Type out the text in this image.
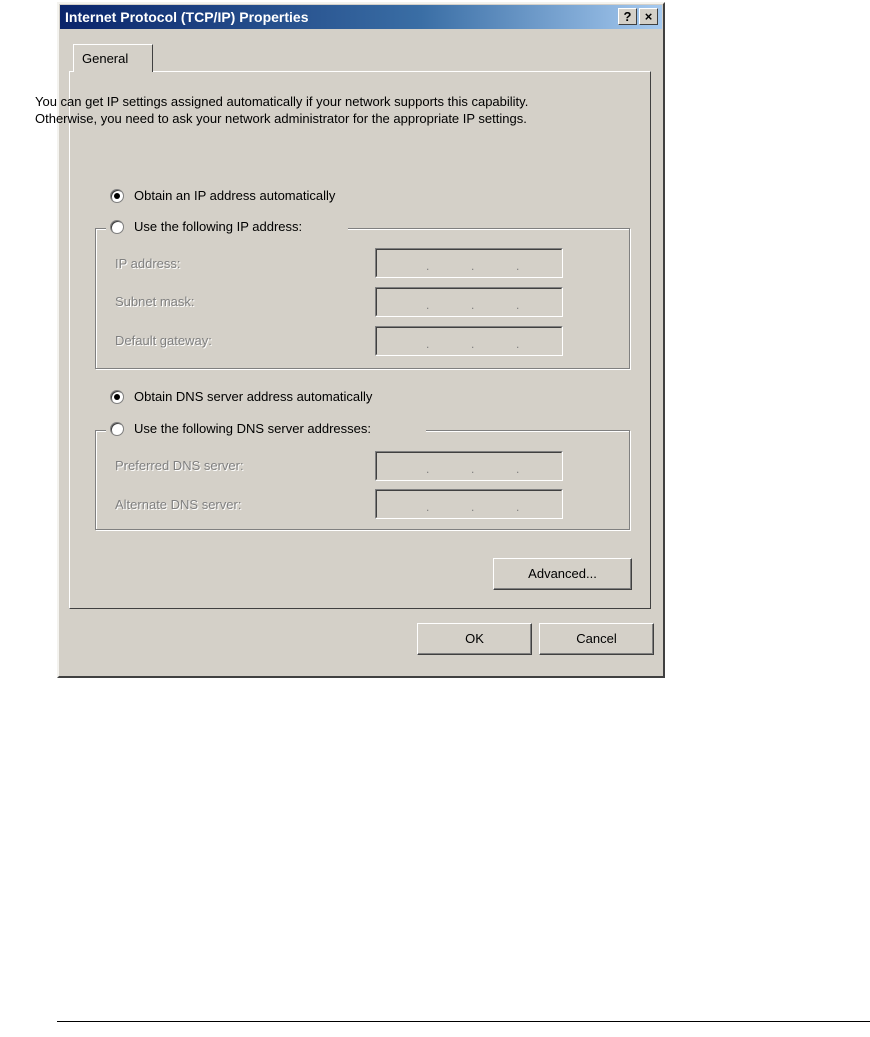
Internet Protocol (TCP/IP) Properties	?	×
General
You can get IP settings assigned automatically if your network supports this capability. Otherwise, you need to ask your network administrator for the appropriate IP settings.
Obtain an IP address automatically
Use the following IP address:
IP address:	.	.	.
Subnet mask:	.	.	.
Default gateway:	.	.	.
Obtain DNS server address automatically
Use the following DNS server addresses:
Preferred DNS server:	.	.	.
Alternate DNS server:	.	.	.
Advanced...
OK	Cancel
